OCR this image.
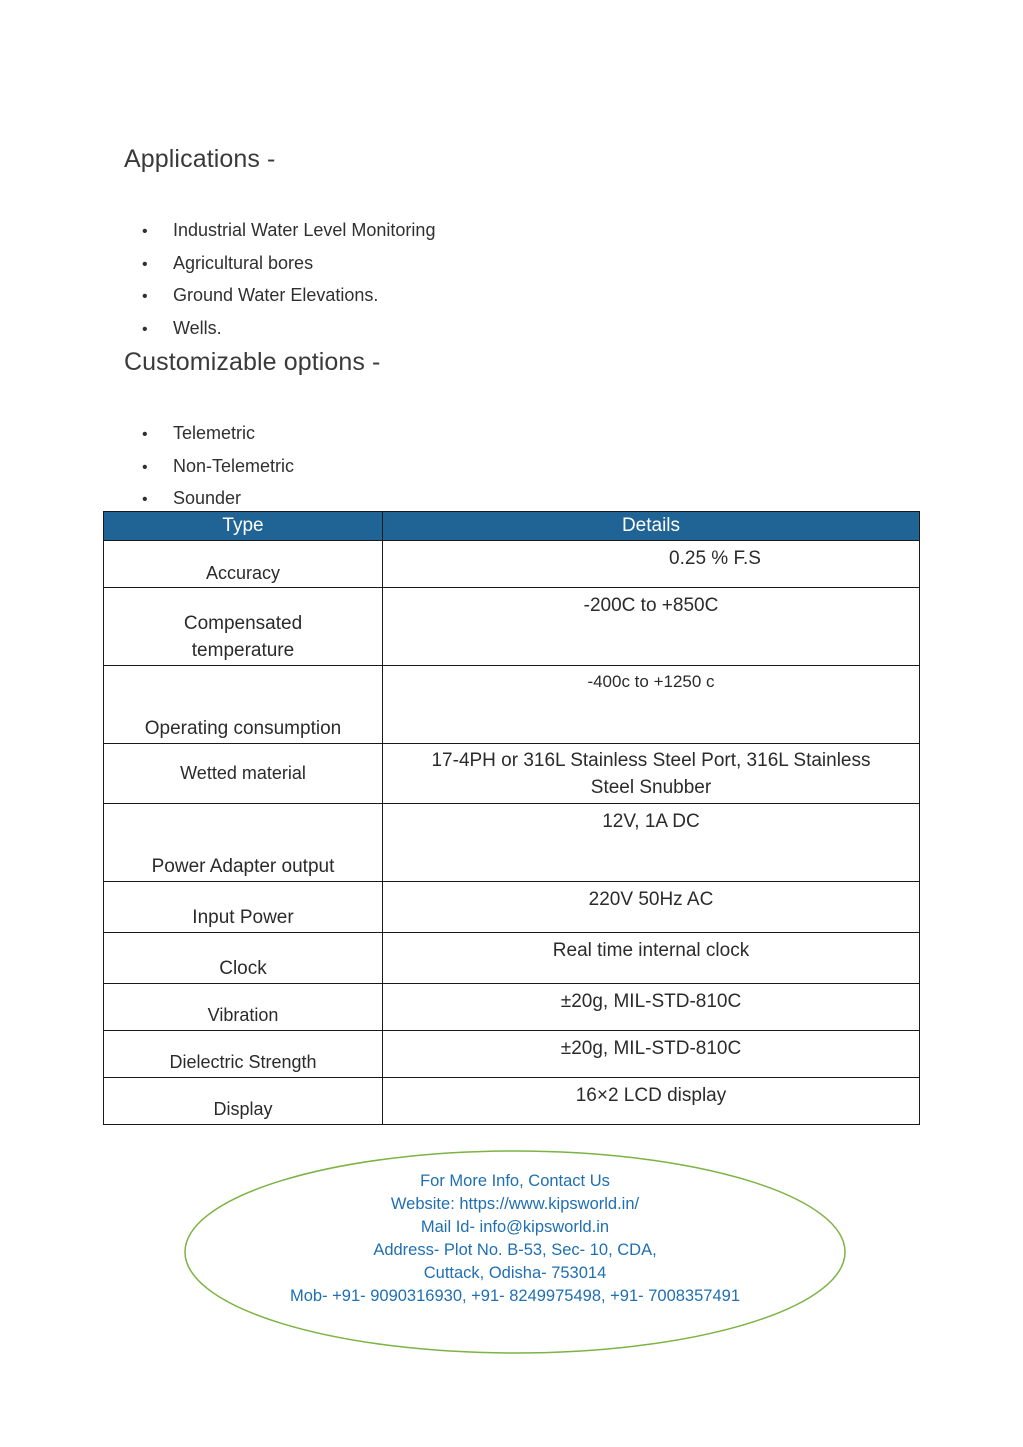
Applications -
• Industrial Water Level Monitoring
• Agricultural bores
• Ground Water Elevations.
• Wells.
Customizable options -
• Telemetric
• Non-Telemetric
• Sounder
Type	Details
Accuracy	0.25 % F.S
Compensated temperature	-200C to +850C
Operating consumption	-400c to +1250 c
Wetted material	17-4PH or 316L Stainless Steel Port, 316L Stainless Steel Snubber
Power Adapter output	12V, 1A DC
Input Power	220V 50Hz AC
Clock	Real time internal clock
Vibration	±20g, MIL-STD-810C
Dielectric Strength	±20g, MIL-STD-810C
Display	16×2 LCD display
For More Info, Contact Us
Website: https://www.kipsworld.in/
Mail Id- info@kipsworld.in
Address- Plot No. B-53, Sec- 10, CDA,
Cuttack, Odisha- 753014
Mob- +91- 9090316930, +91- 8249975498, +91- 7008357491
